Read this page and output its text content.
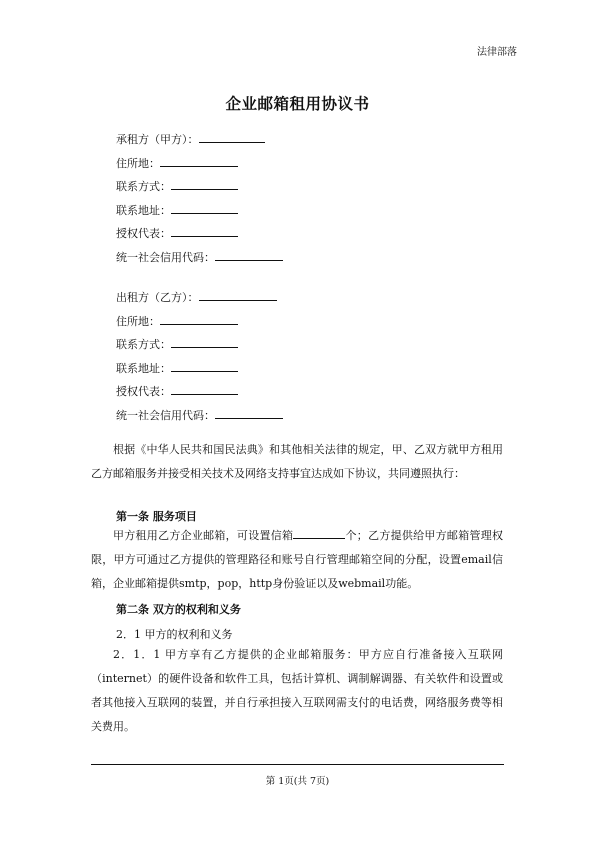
法律部落
企业邮箱租用协议书
承租方（甲方）：
住所地：
联系方式：
联系地址：
授权代表：
统一社会信用代码：
出租方（乙方）：
住所地：
联系方式：
联系地址：
授权代表：
统一社会信用代码：
根据《中华人民共和国民法典》和其他相关法律的规定，甲、乙双方就甲方租用乙方邮箱服务并接受相关技术及网络支持事宜达成如下协议，共同遵照执行：
第一条 服务项目
甲方租用乙方企业邮箱，可设置信箱	个；乙方提供给甲方邮箱管理权限，甲方可通过乙方提供的管理路径和账号自行管理邮箱空间的分配，设置email信箱，企业邮箱提供smtp，pop，http身份验证以及webmail功能。
第二条 双方的权利和义务
2．1 甲方的权利和义务
2．1．1 甲方享有乙方提供的企业邮箱服务：甲方应自行准备接入互联网（internet）的硬件设备和软件工具，包括计算机、调制解调器、有关软件和设置或者其他接入互联网的装置，并自行承担接入互联网需支付的电话费，网络服务费等相关费用。
第 1页(共 7页)
